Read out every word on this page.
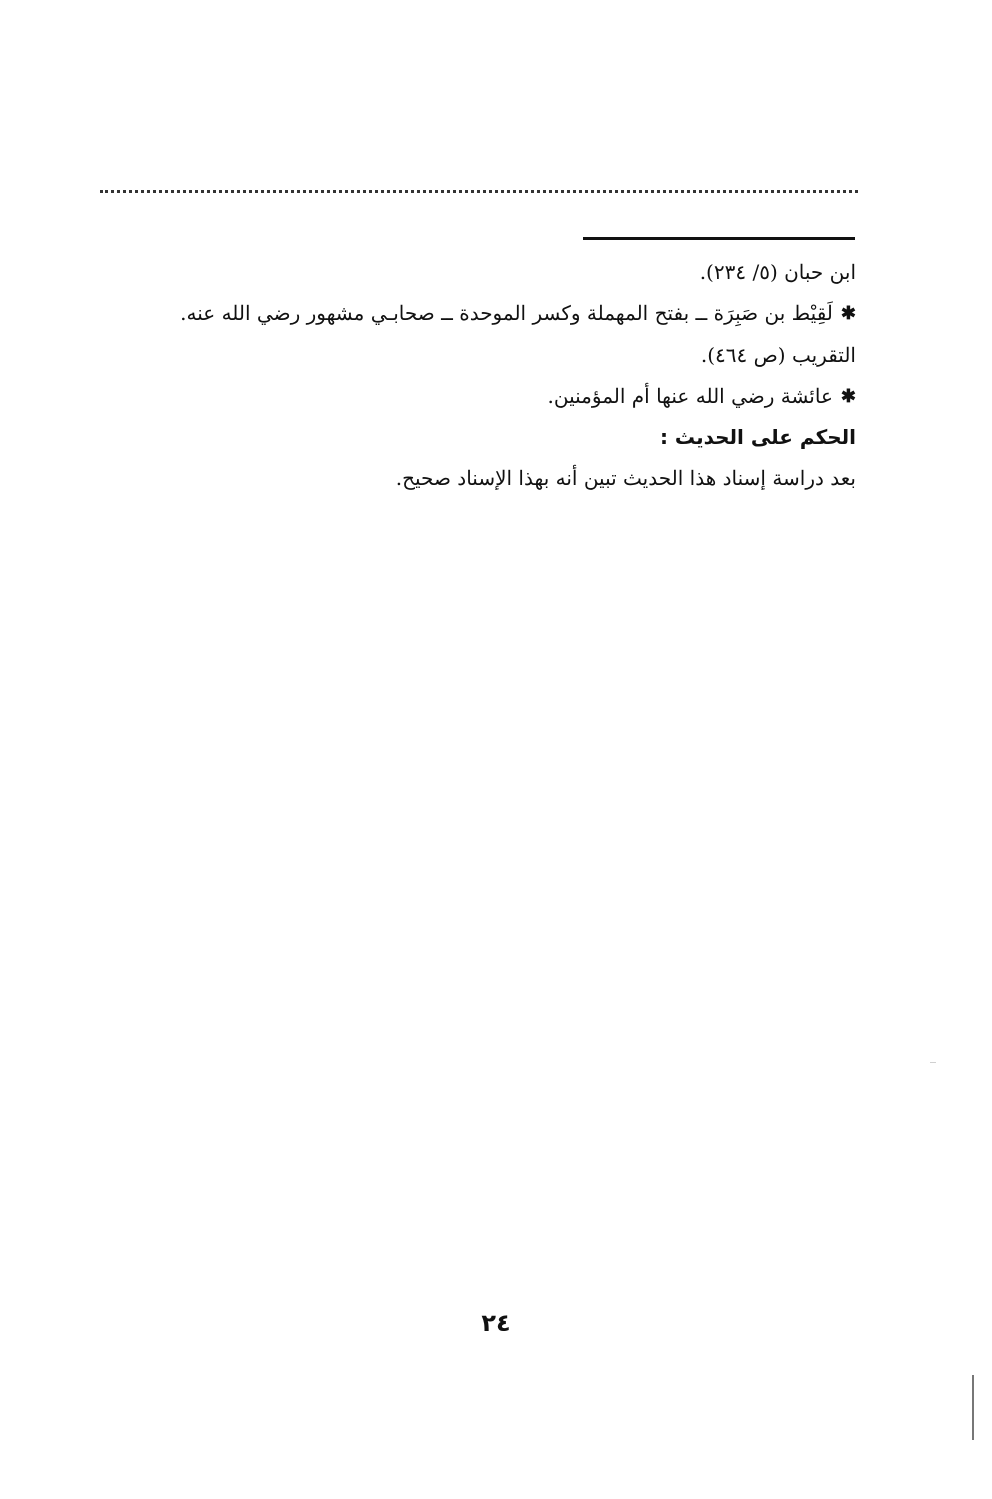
ابن حبان (٥/ ٢٣٤).

✱
لَقِيْط بن صَبِرَة ــ بفتح المهملة وكسر الموحدة ــ صحابـي مشهور رضي الله عنه.

التقريب (ص ٤٦٤).

✱
عائشة رضي الله عنها أم المؤمنين.

الحكم على الحديث :

بعد دراسة إسناد هذا الحديث تبين أنه بهذا الإسناد صحيح.

٢٤
